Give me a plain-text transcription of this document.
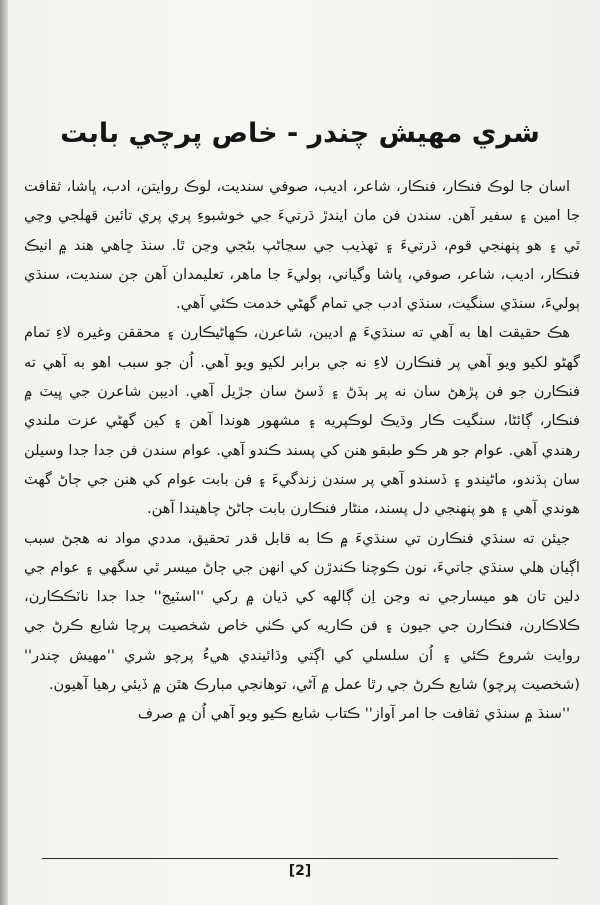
شري مهيش چندر - خاص پرچي بابت

اسان جا لوڪ فنڪار، فنڪار، شاعر، اديب، صوفي سنديت، لوڪ روايتن، ادب، ڀاشا، ثقافت جا امين ۽ سفير آهن. سندن فن مان ايندڙ ڌرتيءَ جي خوشبوءِ پري پري تائين قهلجي وڃي ٿي ۽ هو پنهنجي قوم، ڌرتيءَ ۽ تهذيب جي سڃاڻپ بڻجي وڃن ٿا. سنڌ ڇاهي هند ۾ انيڪ فنڪار، اديب، شاعر، صوفي، ڀاشا وگياني، ٻوليءَ جا ماهر، تعليمدان آهن جن سنديت، سنڌي ٻوليءَ، سنڌي سنگيت، سنڌي ادب جي تمام گهڻي خدمت ڪئي آهي.

هڪ حقيقت اها به آهي ته سنڌيءَ ۾ اديبن، شاعرن، ڪهاڻيڪارن ۽ محققن وغيره لاءِ تمام گهڻو لکيو ويو آهي پر فنڪارن لاءِ نه جي برابر لکيو ويو آهي. اُن جو سبب اهو به آهي ته فنڪارن جو فن پڙهڻ سان نه پر ٻڌڻ ۽ ڏسڻ سان جڙيل آهي. اديبن شاعرن جي ڀيٽ ۾ فنڪار، ڳائڻا، سنگيت ڪار وڌيڪ لوڪپريه ۽ مشهور هوندا آهن ۽ کين گهڻي عزت ملندي رهندي آهي. عوام جو هر ڪو طبقو هنن کي پسند ڪندو آهي. عوام سندن فن جدا جدا وسيلن سان ٻڌندو، ماڻيندو ۽ ڏسندو آهي پر سندن زندگيءَ ۽ فن بابت عوام کي هنن جي ڄاڻ گهٽ هوندي آهي ۽ هو پنهنجي دل پسند، منڻار فنڪارن بابت ڄاڻڻ چاهيندا آهن.

جيئن ته سنڌي فنڪارن تي سنڌيءَ ۾ ڪا به قابل قدر تحقيق، مددي مواد نه هجڻ سبب اڳيان هلي سنڌي جاتيءَ، نون ڪوچنا ڪندڙن کي انهن جي ڄاڻ ميسر ٿي سگهي ۽ عوام جي دلين تان هو ميسارجي نه وڃن اِن ڳالهه کي ڌيان ۾ رکي ''اسٽيج'' جدا جدا ناٽڪڪارن، ڪلاڪارن، فنڪارن جي جيون ۽ فن ڪاريه کي ڪٺي خاص شخصيت پرچا شايع ڪرڻ جي روايت شروع ڪئي ۽ اُن سلسلي کي اڳتي وڌائيندي هيءُ پرچو شري ''مهيش چندر'' (شخصيت پرچو) شايع ڪرڻ جي رٿا عمل ۾ آڻي، توهانجي مبارڪ هٿن ۾ ڏيئي رهيا آهيون.

''سنڌ ۾ سنڌي ثقافت جا امر آواز'' ڪتاب شايع ڪيو ويو آهي اُن ۾ صرف

[2]
